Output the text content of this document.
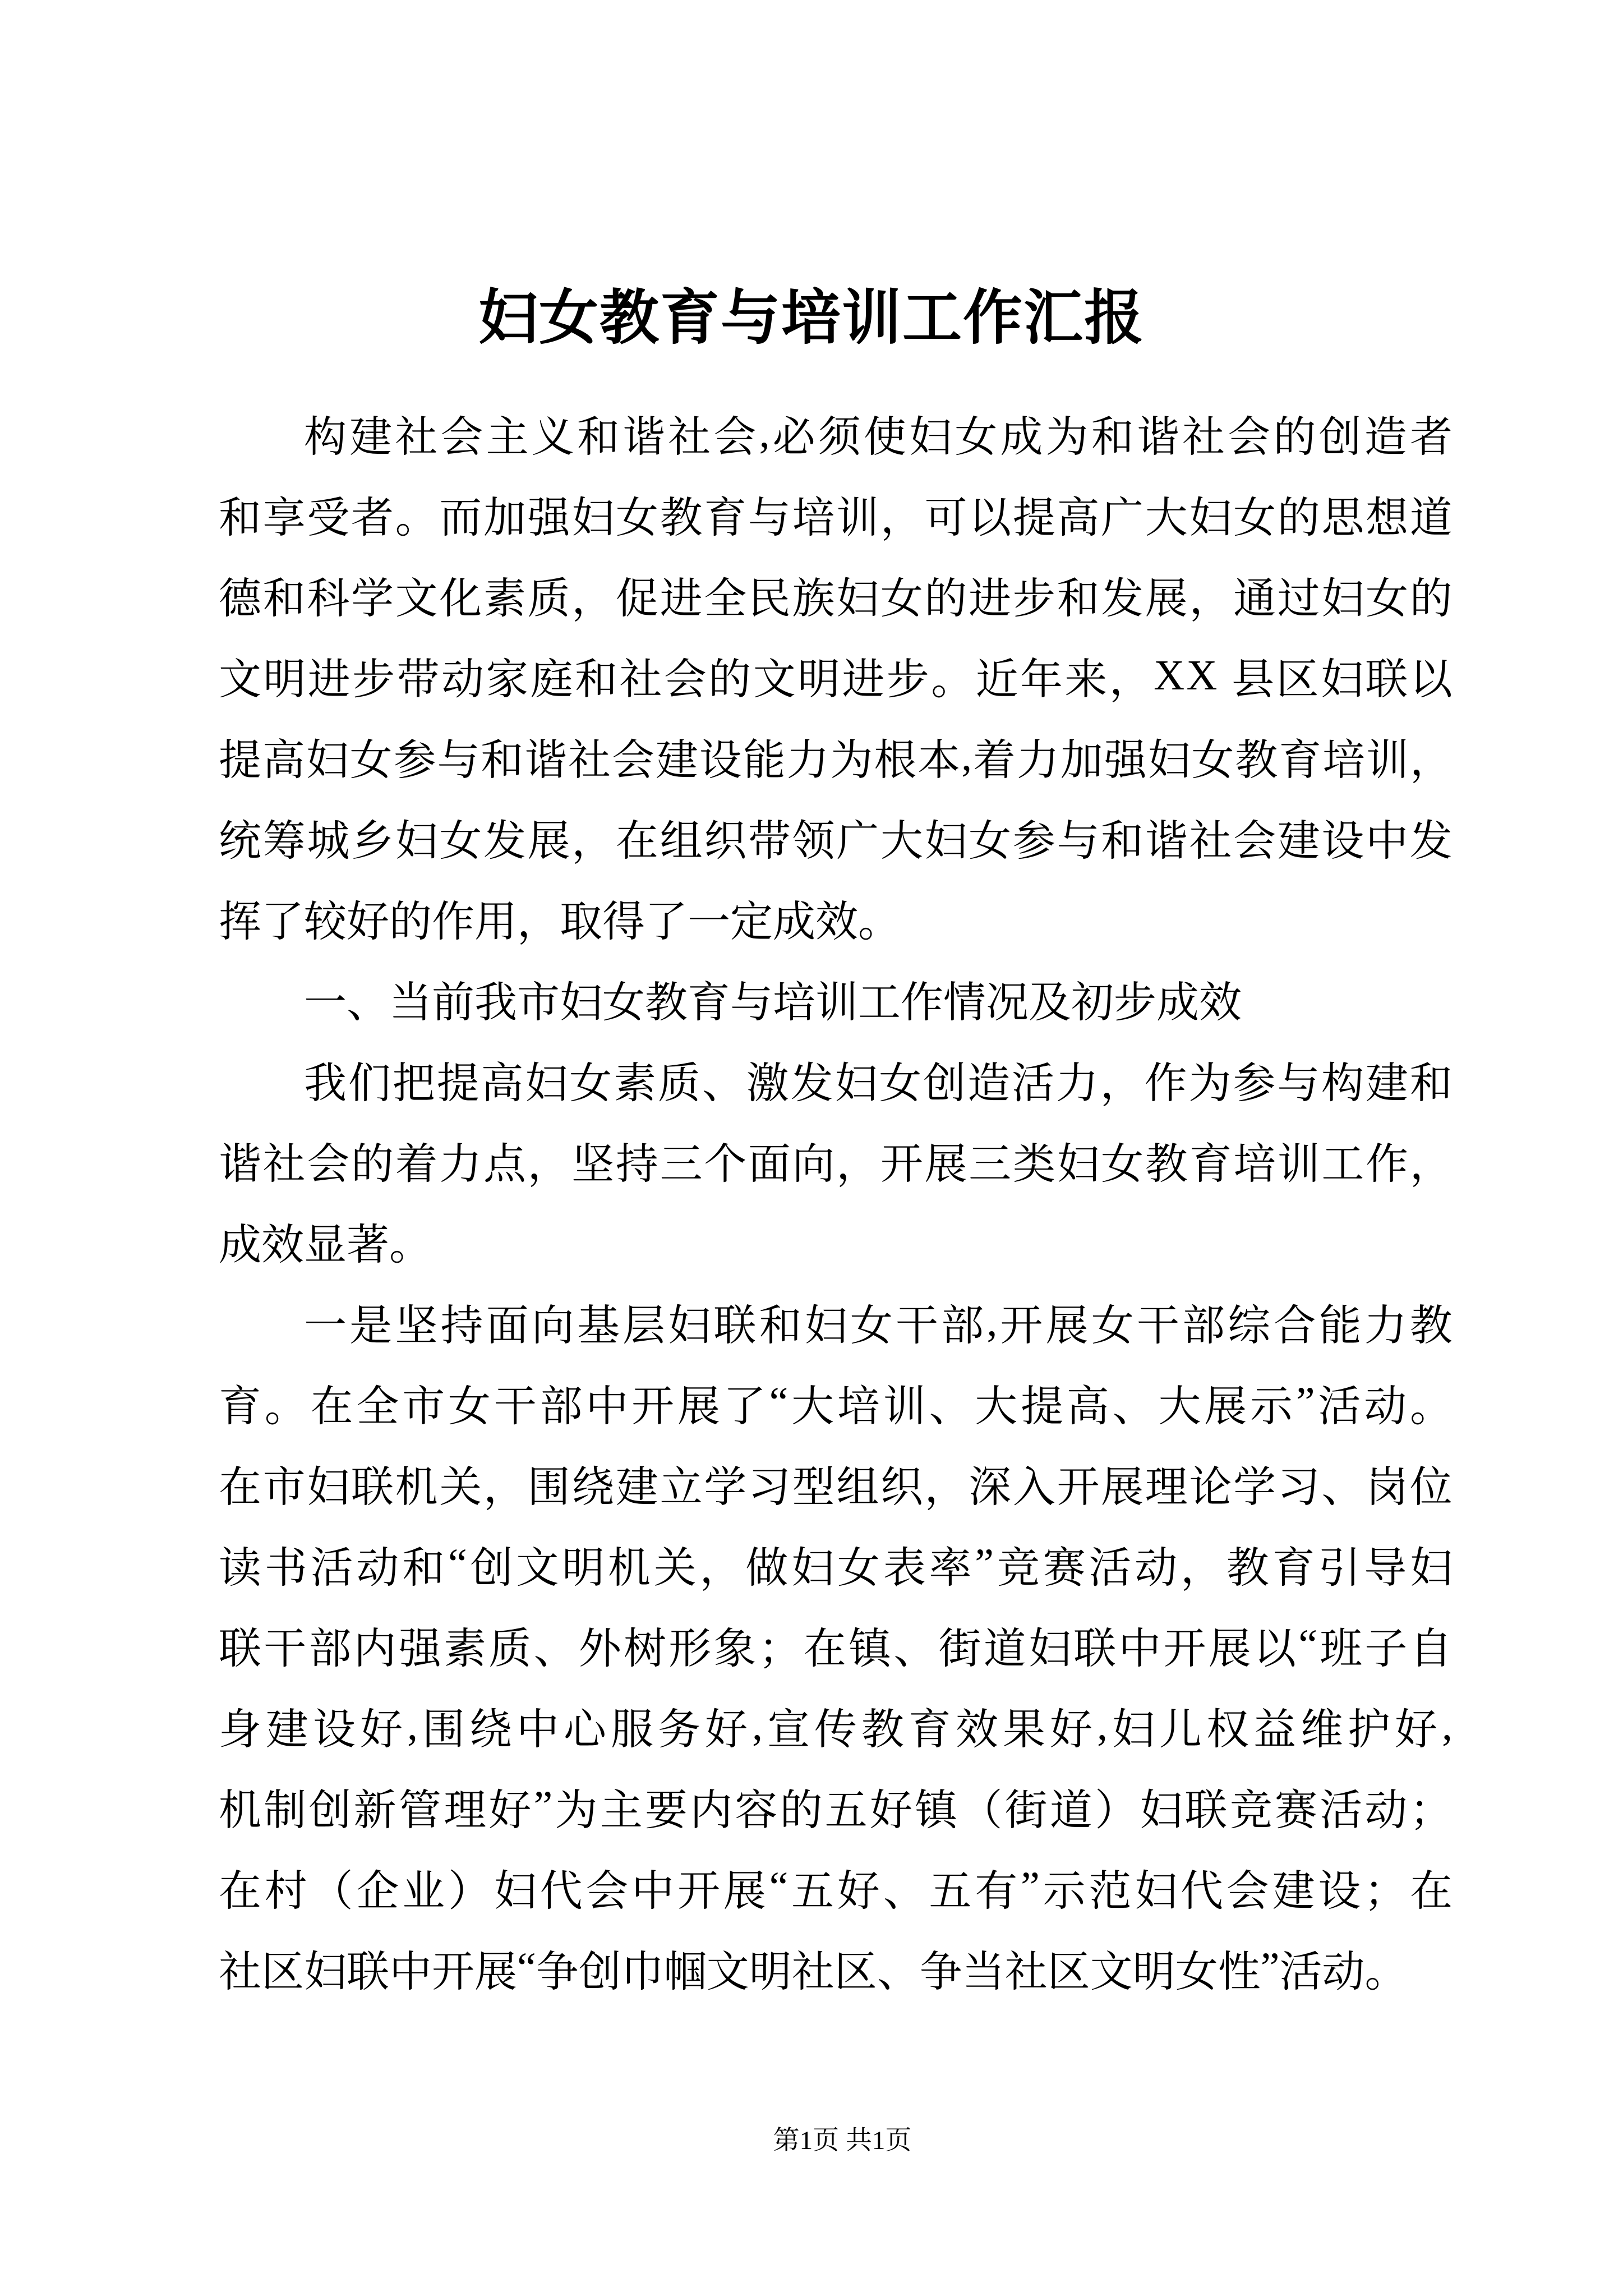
妇女教育与培训工作汇报
构 建 社 会 主 义 和 谐 社 会 , 必 须 使 妇 女 成 为 和 谐 社 会 的 创 造 者
和 享 受 者 。 而 加 强 妇 女 教 育 与 培 训 ， 可 以 提 高 广 大 妇 女 的 思 想 道
德 和 科 学 文 化 素 质 ， 促 进 全 民 族 妇 女 的 进 步 和 发 展 ， 通 过 妇 女 的
文 明 进 步 带 动 家 庭 和 社 会 的 文 明 进 步 。 近 年 来 ， X X
县 区 妇 联 以
提 高 妇 女 参 与 和 谐 社 会 建 设 能 力 为 根 本 , 着 力 加 强 妇 女 教 育 培 训 ，
统 筹 城 乡 妇 女 发 展 ， 在 组 织 带 领 广 大 妇 女 参 与 和 谐 社 会 建 设 中 发
挥 了 较 好 的 作 用 ， 取 得 了 一 定 成 效 。
一 、 当 前 我 市 妇 女 教 育 与 培 训 工 作 情 况 及 初 步 成 效
我 们 把 提 高 妇 女 素 质 、 激 发 妇 女 创 造 活 力 ， 作 为 参 与 构 建 和
谐 社 会 的 着 力 点 ， 坚 持 三 个 面 向 ， 开 展 三 类 妇 女 教 育 培 训 工 作 ，
成 效 显 著 。
一 是 坚 持 面 向 基 层 妇 联 和 妇 女 干 部 , 开 展 女 干 部 综 合 能 力 教
育 。 在 全 市 女 干 部 中 开 展 了 “ 大 培 训 、 大 提 高 、 大 展 示 ” 活 动 。
在 市 妇 联 机 关 ， 围 绕 建 立 学 习 型 组 织 ， 深 入 开 展 理 论 学 习 、 岗 位
读 书 活 动 和 “ 创 文 明 机 关 ， 做 妇 女 表 率 ” 竞 赛 活 动 ， 教 育 引 导 妇
联 干 部 内 强 素 质 、 外 树 形 象 ； 在 镇 、 街 道 妇 联 中 开 展 以 “ 班 子 自
身 建 设 好 , 围 绕 中 心 服 务 好 , 宣 传 教 育 效 果 好 , 妇 儿 权 益 维 护 好 ,
机 制 创 新 管 理 好 ” 为 主 要 内 容 的 五 好 镇 （ 街 道 ） 妇 联 竞 赛 活 动 ；
在 村 （ 企 业 ） 妇 代 会 中 开 展 “ 五 好 、 五 有 ” 示 范 妇 代 会 建 设 ； 在
社 区 妇 联 中 开 展 “ 争 创 巾 帼 文 明 社 区 、 争 当 社 区 文 明 女 性 ” 活 动 。
第1页 共1页
